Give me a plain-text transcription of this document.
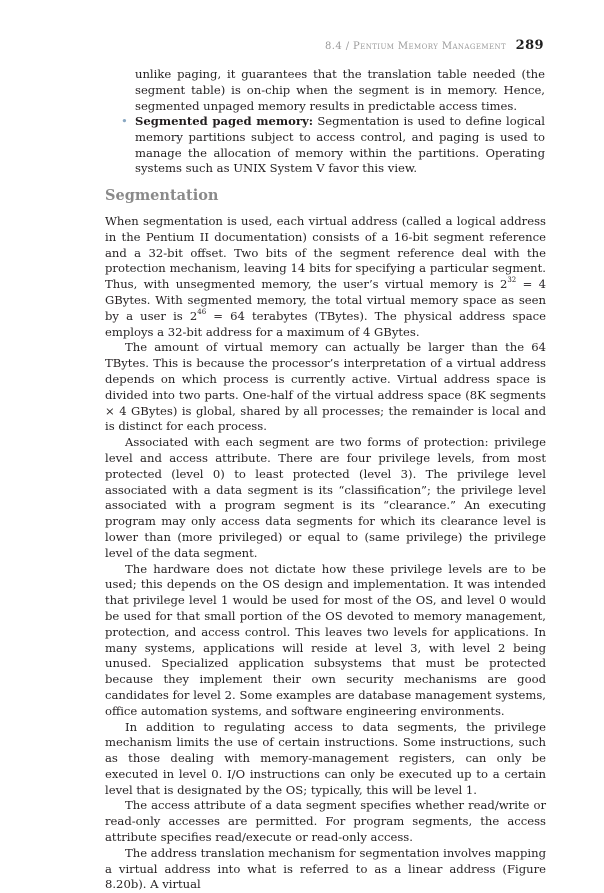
8.4 / Pentium Memory Management 289

unlike paging, it guarantees that the translation table needed (the segment table) is on-chip when the segment is in memory. Hence, segmented unpaged memory results in predictable access times.

• Segmented paged memory: Segmentation is used to define logical memory partitions subject to access control, and paging is used to manage the allocation of memory within the partitions. Operating systems such as UNIX System V favor this view.

Segmentation

When segmentation is used, each virtual address (called a logical address in the Pentium II documentation) consists of a 16-bit segment reference and a 32-bit offset. Two bits of the segment reference deal with the protection mechanism, leaving 14 bits for specifying a particular segment. Thus, with unsegmented memory, the user’s virtual memory is $2^{32} = 4$ GBytes. With segmented memory, the total virtual memory space as seen by a user is $2^{46} = 64$ terabytes (TBytes). The physical address space employs a 32-bit address for a maximum of 4 GBytes.

The amount of virtual memory can actually be larger than the 64 TBytes. This is because the processor’s interpretation of a virtual address depends on which process is currently active. Virtual address space is divided into two parts. One-half of the virtual address space (8K segments × 4 GBytes) is global, shared by all processes; the remainder is local and is distinct for each process.

Associated with each segment are two forms of protection: privilege level and access attribute. There are four privilege levels, from most protected (level 0) to least protected (level 3). The privilege level associated with a data segment is its “classification”; the privilege level associated with a program segment is its “clearance.” An executing program may only access data segments for which its clearance level is lower than (more privileged) or equal to (same privilege) the privilege level of the data segment.

The hardware does not dictate how these privilege levels are to be used; this depends on the OS design and implementation. It was intended that privilege level 1 would be used for most of the OS, and level 0 would be used for that small portion of the OS devoted to memory management, protection, and access control. This leaves two levels for applications. In many systems, applications will reside at level 3, with level 2 being unused. Specialized application subsystems that must be protected because they implement their own security mechanisms are good candidates for level 2. Some examples are database management systems, office automation systems, and software engineering environments.

In addition to regulating access to data segments, the privilege mechanism limits the use of certain instructions. Some instructions, such as those dealing with memory-management registers, can only be executed in level 0. I/O instructions can only be executed up to a certain level that is designated by the OS; typically, this will be level 1.

The access attribute of a data segment specifies whether read/write or read-only accesses are permitted. For program segments, the access attribute specifies read/execute or read-only access.

The address translation mechanism for segmentation involves mapping a virtual address into what is referred to as a linear address (Figure 8.20b). A virtual
